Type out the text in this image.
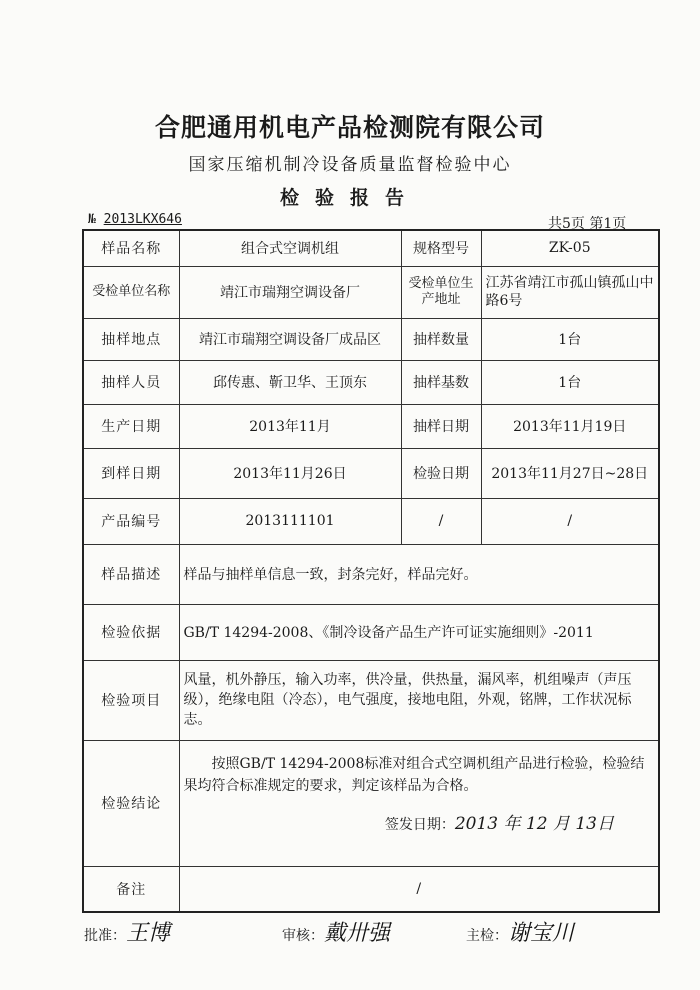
合肥通用机电产品检测院有限公司
国家压缩机制冷设备质量监督检验中心
检验报告
№ 2013LKX646	共5页 第1页
样品名称	组合式空调机组	规格型号	ZK-05
受检单位名称	靖江市瑞翔空调设备厂	受检单位生产地址	江苏省靖江市孤山镇孤山中路6号
抽样地点	靖江市瑞翔空调设备厂成品区	抽样数量	1台
抽样人员	邱传惠、靳卫华、王顶东	抽样基数	1台
生产日期	2013年11月	抽样日期	2013年11月19日
到样日期	2013年11月26日	检验日期	2013年11月27日~28日
产品编号	2013111101	/	/
样品描述	样品与抽样单信息一致，封条完好，样品完好。		
检验依据	GB/T 14294-2008、《制冷设备产品生产许可证实施细则》-2011		
检验项目	风量，机外静压，输入功率，供冷量，供热量，漏风率，机组噪声（声压级），绝缘电阻（冷态），电气强度，接地电阻，外观，铭牌，工作状况标志。		
检验结论	按照GB/T 14294-2008标准对组合式空调机组产品进行检验，检验结果均符合标准规定的要求，判定该样品为合格。
签发日期：2013 年 12 月 13日		

备注	/		
批准：王博	审核：戴卅强	主检：谢宝川
